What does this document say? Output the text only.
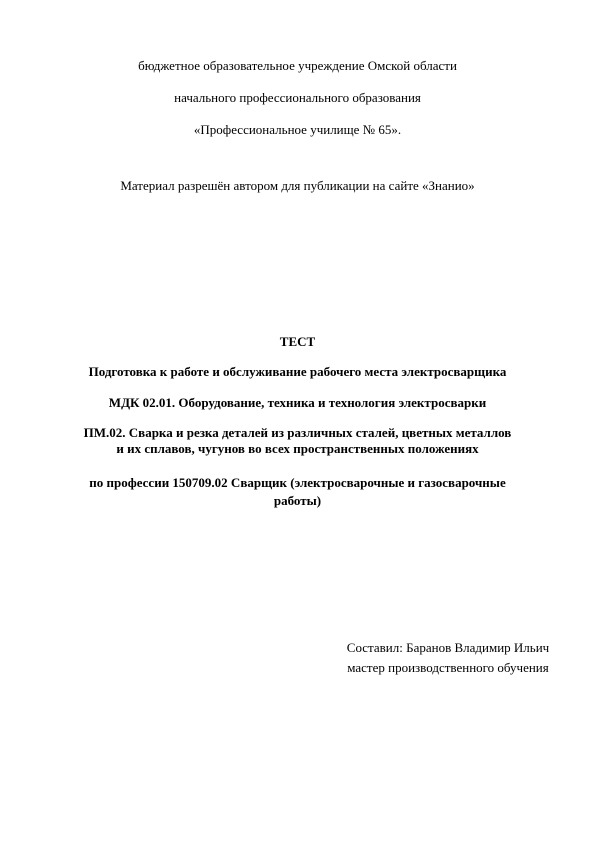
бюджетное образовательное учреждение Омской области
начального профессионального образования
«Профессиональное училище № 65».
Материал разрешён автором для публикации на сайте «Знанио»
ТЕСТ
Подготовка к работе и обслуживание рабочего места электросварщика
МДК 02.01. Оборудование, техника и технология электросварки
ПМ.02. Сварка и резка деталей из различных сталей, цветных металлов
и их сплавов, чугунов во всех пространственных положениях
по профессии 150709.02 Сварщик (электросварочные и газосварочные
работы)
Составил: Баранов Владимир Ильич
мастер производственного обучения
